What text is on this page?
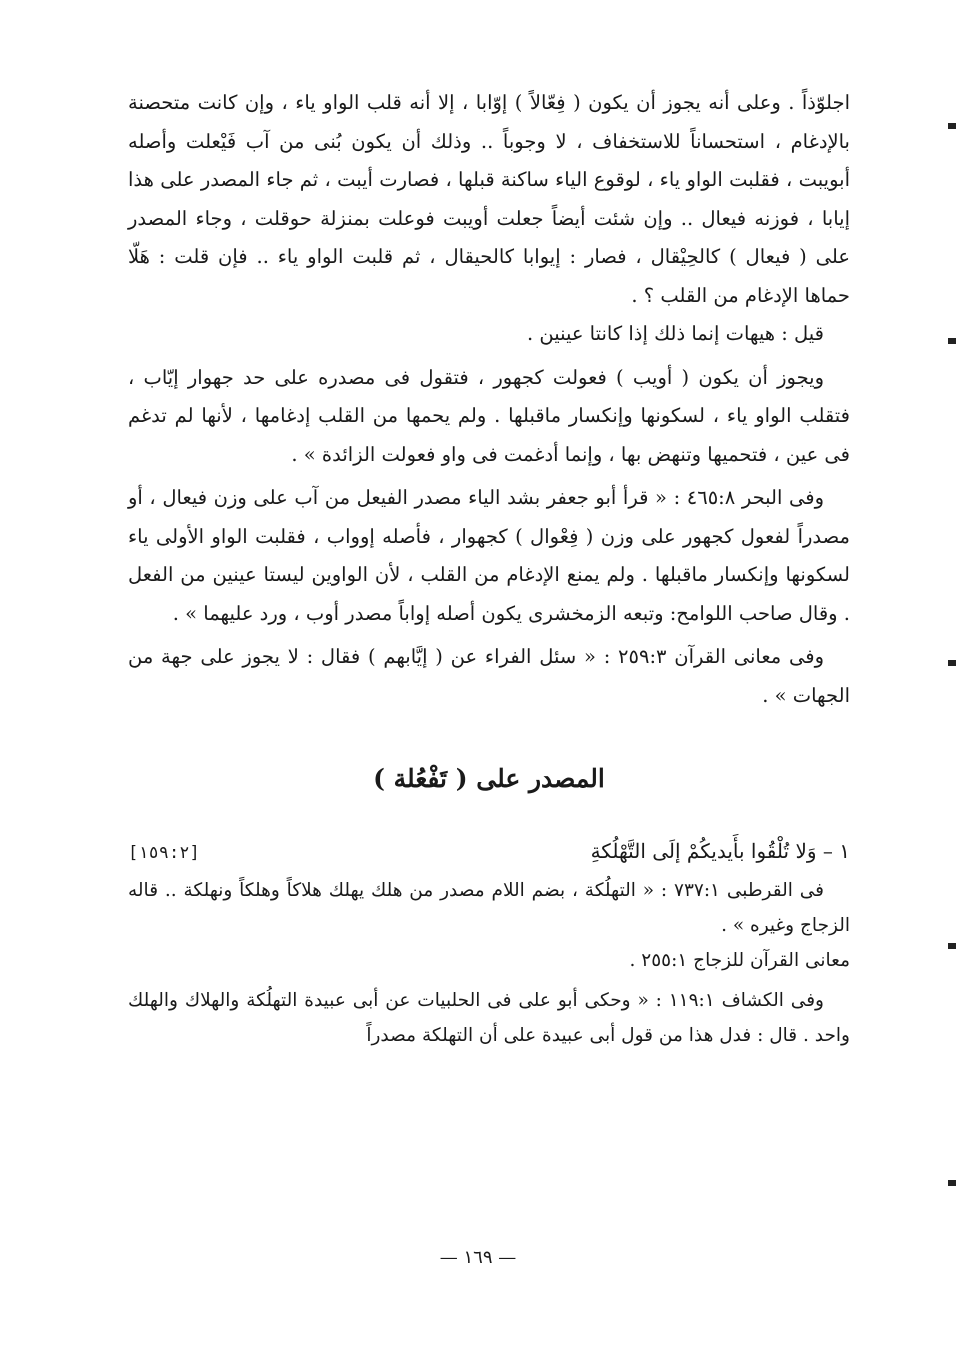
اجلوّذاً . وعلى أنه يجوز أن يكون ( فِعّالاً ) إوّابا ، إلا أنه قلب الواو ياء ، وإن كانت متحصنة بالإدغام ، استحساناً للاستخفاف ، لا وجوباً .. وذلك أن يكون بُنى من آب فَيْعلت وأصله أبويبت ، فقلبت الواو ياء ، لوقوع الياء ساكنة قبلها ، فصارت أيبت ، ثم جاء المصدر على هذا إيابا ، فوزنه فيعال .. وإن شئت أيضاً جعلت أويبت فوعلت بمنزلة حوقلت ، وجاء المصدر على ( فيعال ) كالحِيْقال ، فصار : إيوابا كالحيقال ، ثم قلبت الواو ياء .. فإن قلت : هَلّا حماها الإدغام من القلب ؟ .

قيل : هيهات إنما ذلك إذا كانتا عينين .

ويجوز أن يكون ( أويب ) فعولت كجهور ، فتقول فى مصدره على حد جهوار إيّاب ، فتقلب الواو ياء ، لسكونها وإنكسار ماقبلها . ولم يحمها من القلب إدغامها ، لأنها لم تدغم فى عين ، فتحميها وتنهض بها ، وإنما أدغمت فى واو فعولت الزائدة » .

وفى البحر ٤٦٥:٨ : « قرأ أبو جعفر بشد الياء مصدر الفيعل من آب على وزن فيعال ، أو مصدراً لفعول كجهور على وزن ( فِعْوال ) كجهوار ، فأصله إوواب ، فقلبت الواو الأولى ياء لسكونها وإنكسار ماقبلها . ولم يمنع الإدغام من القلب ، لأن الواوين ليستا عينين من الفعل . وقال صاحب اللوامح: وتبعه الزمخشرى يكون أصله إواباً مصدر أوب ، ورد عليهما » .

وفى معانى القرآن ٢٥٩:٣ : « سئل الفراء عن ( إيَّابهم ) فقال : لا يجوز على جهة من الجهات » .

المصدر على ( تَفْعُلة )
١ – وَلا تُلْقُوا بأَيديكُمْ إلَى التَّهْلُكةِ
[١٥٩:٢]

فى القرطبى ٧٣٧:١ : « التهلُكة ، بضم اللام مصدر من هلك يهلك هلاكاً وهلكاً ونهلكة .. قاله الزجاج وغيره » .

معانى القرآن للزجاج ٢٥٥:١ .

وفى الكشاف ١١٩:١ : « وحكى أبو على فى الحلبيات عن أبى عبيدة التهلُكة والهلاك والهلك واحد . قال : فدل هذا من قول أبى عبيدة على أن التهلكة مصدراً

— ١٦٩ —
